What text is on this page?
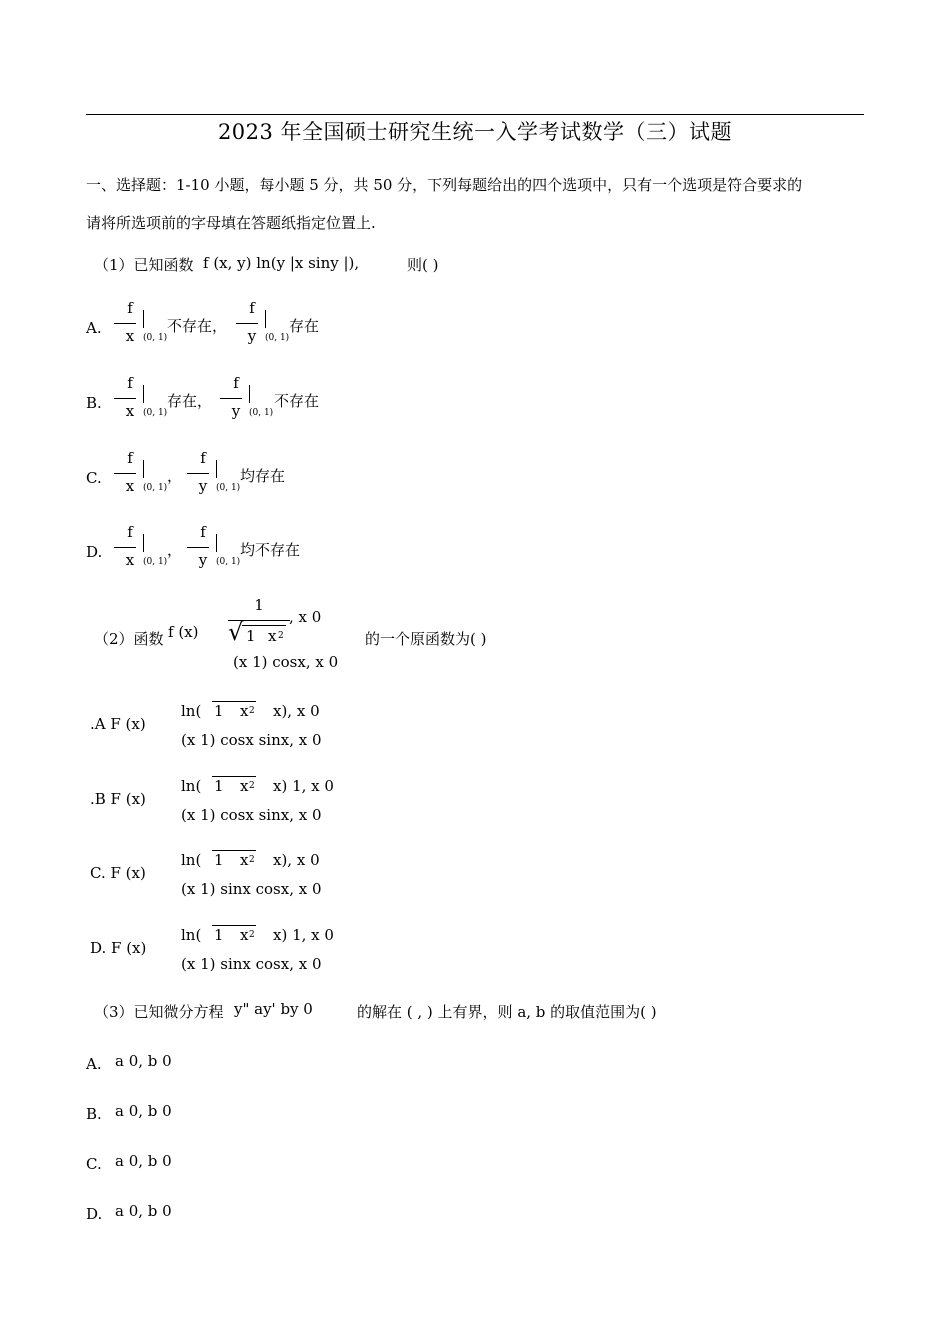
2023 年全国硕士研究生统一入学考试数学（三）试题
一、选择题：1-10 小题，每小题 5 分，共 50 分，下列每题给出的四个选项中，只有一个选项是符合要求的
请将所选项前的字母填在答题纸指定位置上.
（1）已知函数 f (x, y) ln(y |x siny |),	则( )
A.
f
x (0, 1)
不存在，
f
y (0, 1)
存在
B.
f
x (0, 1)
存在，
f
y (0, 1)
不存在
C.
f
x (0, 1)
，
f
y (0, 1)
均存在
D.
f
x (0, 1)
，
f
y (0, 1)
均不存在
（2）函数 f (x)
1
√ 1 x 2
, x 0
(x 1) cosx, x 0
的一个原函数为( )
.A F (x)
ln( 1 x 2 x), x 0
(x 1) cosx sinx, x 0
.B F (x)
ln( 1 x 2 x) 1, x 0
(x 1) cosx sinx, x 0
C. F (x)
ln( 1 x 2 x), x 0
(x 1) sinx cosx, x 0
D. F (x)
ln( 1 x 2 x) 1, x 0
(x 1) sinx cosx, x 0
（3）已知微分方程 y" ay' by 0	的解在 ( , ) 上有界，则 a, b 的取值范围为( )
A. a 0, b 0
B. a 0, b 0
C. a 0, b 0
D. a 0, b 0
